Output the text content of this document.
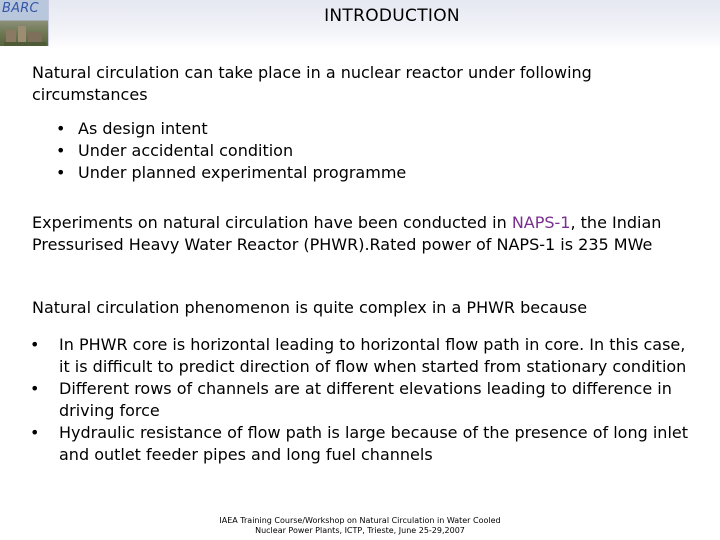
BARC	INTRODUCTION
Natural circulation can take place in a nuclear reactor under following circumstances
• As design intent
• Under accidental condition
• Under planned experimental programme
Experiments on natural circulation have been conducted in NAPS-1, the Indian Pressurised Heavy Water Reactor (PHWR).Rated power of NAPS-1 is 235 MWe
Natural circulation phenomenon is quite complex in a PHWR because
• In PHWR core is horizontal leading to horizontal flow path in core. In this case, it is difficult to predict direction of flow when started from stationary condition
• Different rows of channels are at different elevations leading to difference in driving force
• Hydraulic resistance of flow path is large because of the presence of long inlet and outlet feeder pipes and long fuel channels
IAEA Training Course/Workshop on Natural Circulation in Water Cooled
Nuclear Power Plants, ICTP, Trieste, June 25-29,2007
